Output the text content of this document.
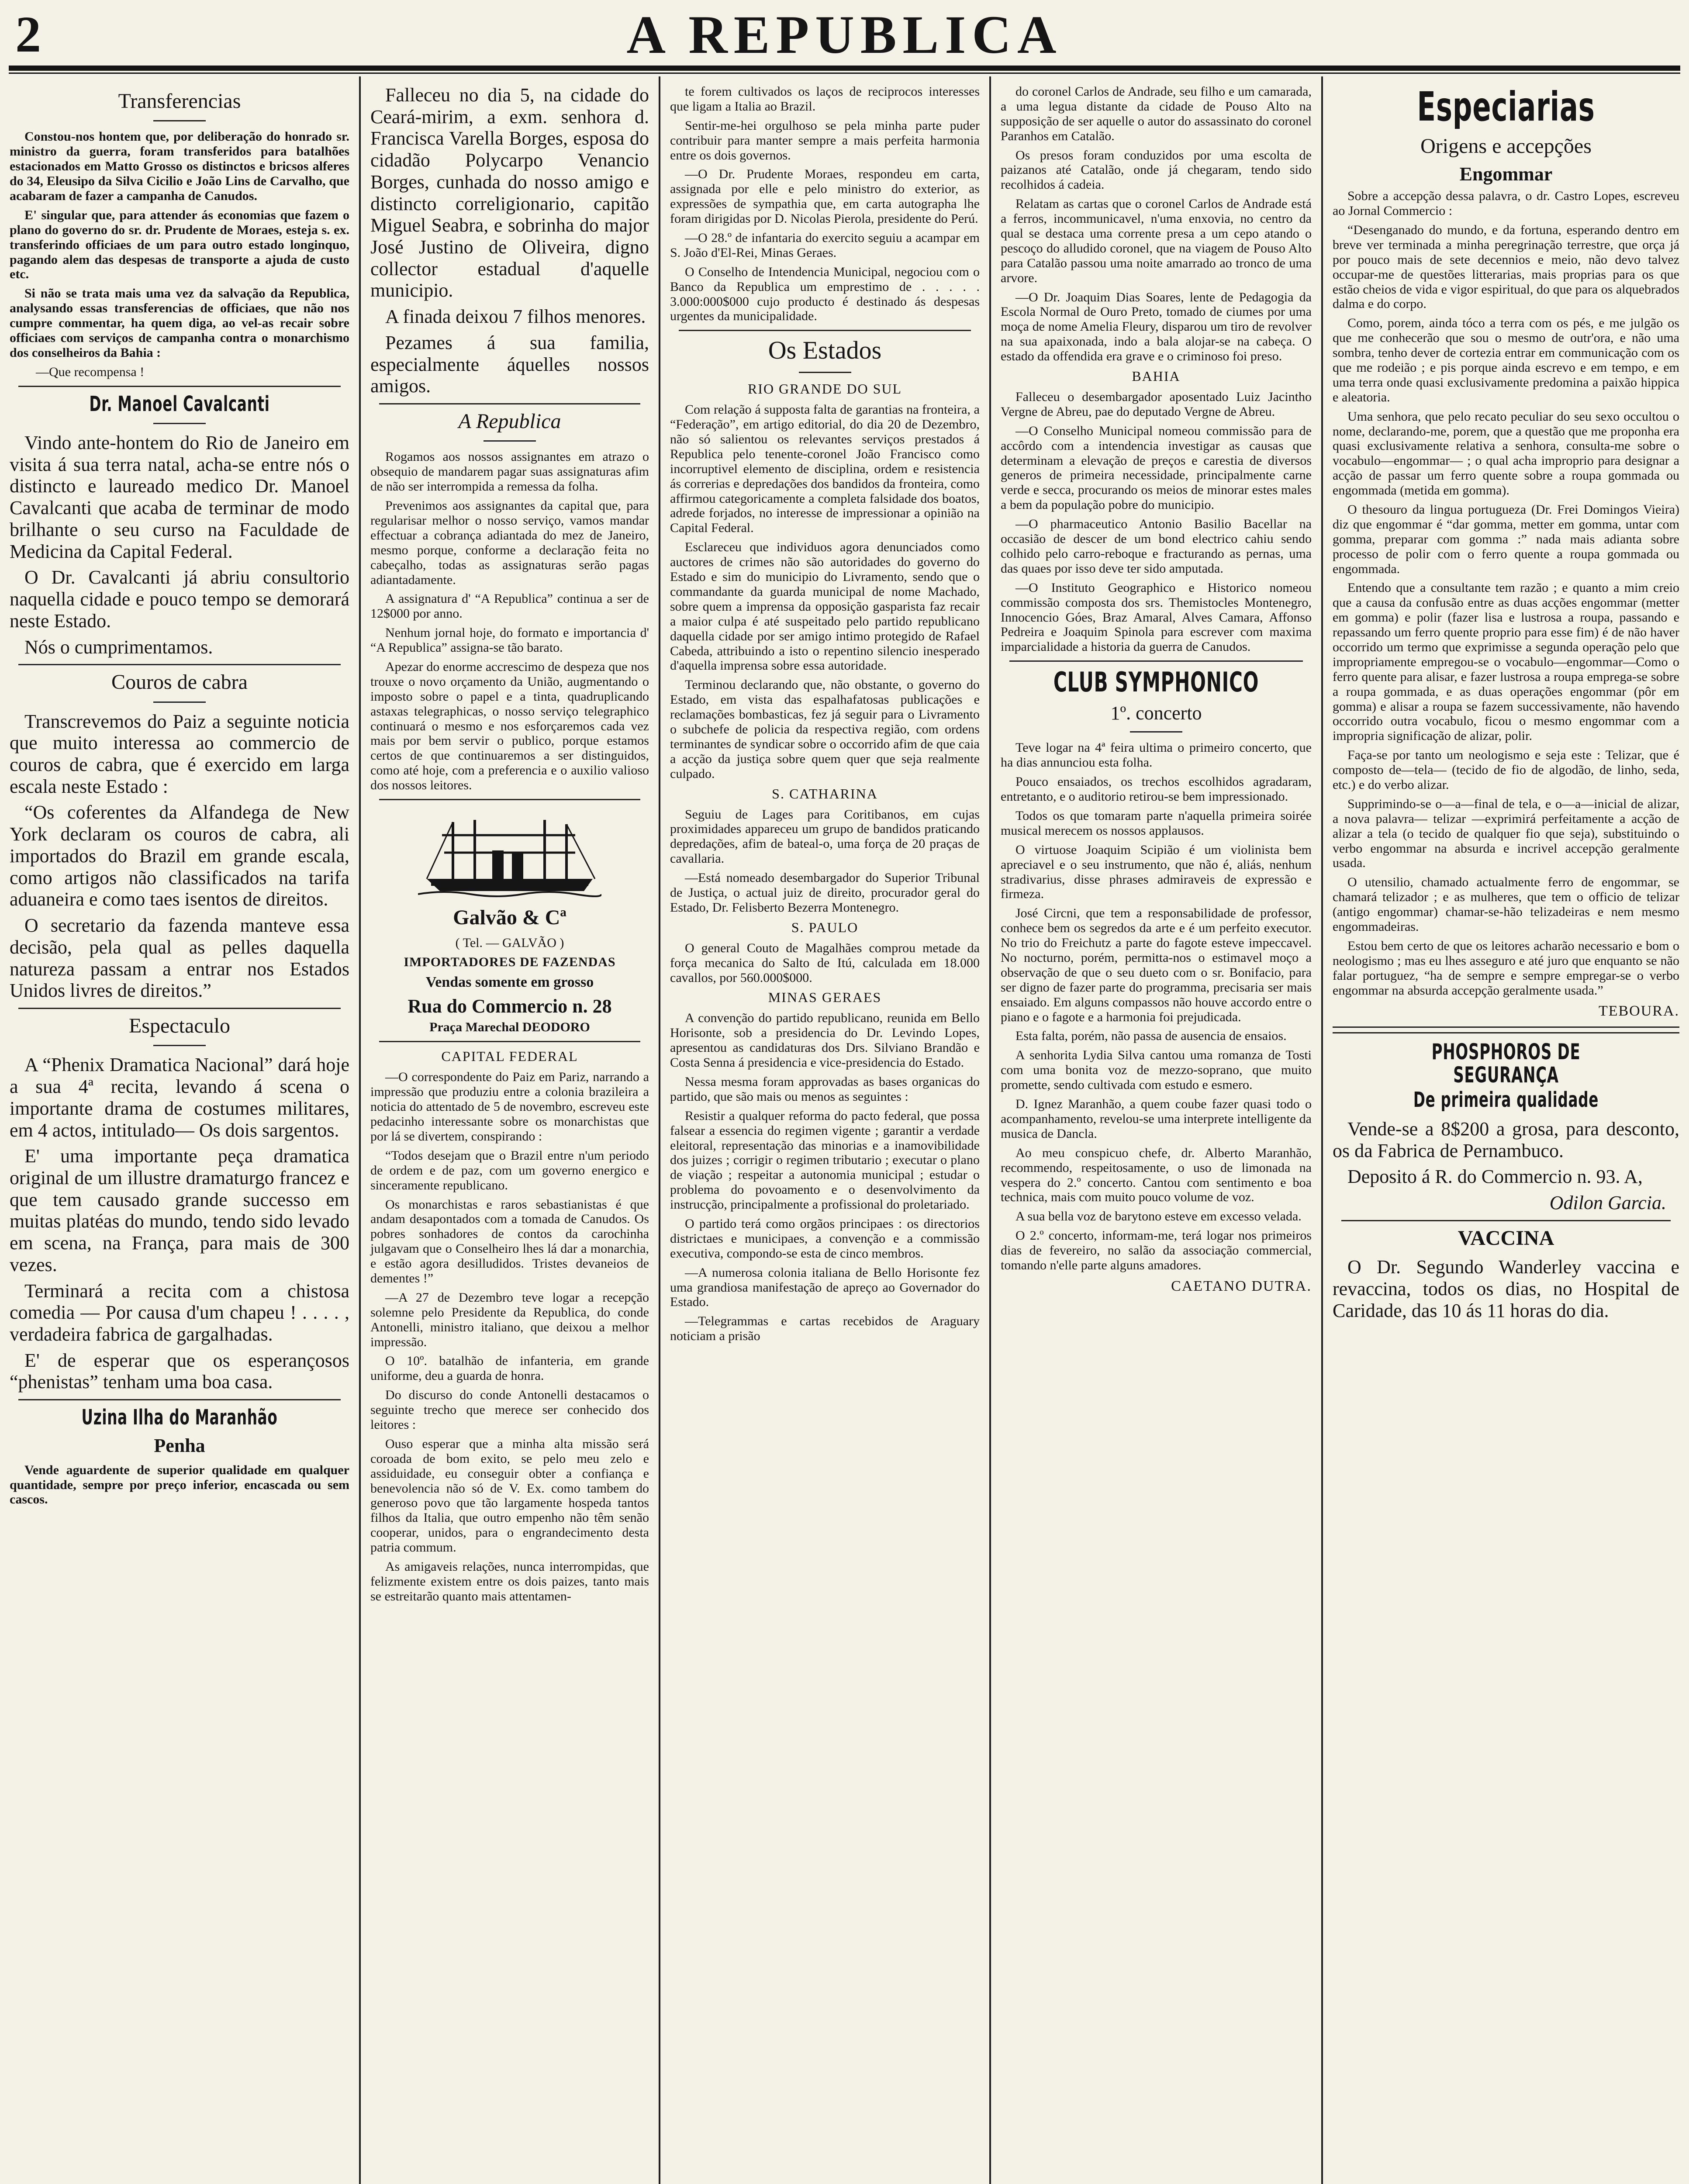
2	A REPUBLICA
Transferencias

Constou-nos hontem que, por deliberação do honrado sr. ministro da guerra, foram transferidos para batalhões estacionados em Matto Grosso os distinctos e bricsos alferes do 34, Eleusipo da Silva Cicilio e João Lins de Carvalho, que acabaram de fazer a campanha de Canudos.

E' singular que, para attender ás economias que fazem o plano do governo do sr. dr. Prudente de Moraes, esteja s. ex. transferindo officiaes de um para outro estado longinquo, pagando alem das despesas de transporte a ajuda de custo etc.

Si não se trata mais uma vez da salvação da Republica, analysando essas transferencias de officiaes, que não nos cumpre commentar, ha quem diga, ao vel-as recair sobre officiaes com serviços de campanha contra o monarchismo dos conselheiros da Bahia :

—Que recompensa !

Dr. Manoel Cavalcanti

Vindo ante-hontem do Rio de Janeiro em visita á sua terra natal, acha-se entre nós o distincto e laureado medico Dr. Manoel Cavalcanti que acaba de terminar de modo brilhante o seu curso na Faculdade de Medicina da Capital Federal.

O Dr. Cavalcanti já abriu consultorio naquella cidade e pouco tempo se demorará neste Estado.

Nós o cumprimentamos.

Couros de cabra

Transcrevemos do Paiz a seguinte noticia que muito interessa ao commercio de couros de cabra, que é exercido em larga escala neste Estado :

“Os coferentes da Alfandega de New York declaram os couros de cabra, ali importados do Brazil em grande escala, como artigos não classificados na tarifa aduaneira e como taes isentos de direitos.

O secretario da fazenda manteve essa decisão, pela qual as pelles daquella natureza passam a entrar nos Estados Unidos livres de direitos.”

Espectaculo

A “Phenix Dramatica Nacional” dará hoje a sua 4ª recita, levando á scena o importante drama de costumes militares, em 4 actos, intitulado— Os dois sargentos.

E' uma importante peça dramatica original de um illustre dramaturgo francez e que tem causado grande successo em muitas platéas do mundo, tendo sido levado em scena, na França, para mais de 300 vezes.

Terminará a recita com a chistosa comedia — Por causa d'um chapeu ! . . . . , verdadeira fabrica de gargalhadas.

E' de esperar que os esperançosos “phenistas” tenham uma boa casa.

Uzina Ilha do Maranhão
Penha

Vende aguardente de superior qualidade em qualquer quantidade, sempre por preço inferior, encascada ou sem cascos.

Falleceu no dia 5, na cidade do Ceará-mirim, a exm. senhora d. Francisca Varella Borges, esposa do cidadão Polycarpo Venancio Borges, cunhada do nosso amigo e distincto correligionario, capitão Miguel Seabra, e sobrinha do major José Justino de Oliveira, digno collector estadual d'aquelle municipio.

A finada deixou 7 filhos menores.

Pezames á sua familia, especialmente áquelles nossos amigos.

A Republica

Rogamos aos nossos assignantes em atrazo o obsequio de mandarem pagar suas assignaturas afim de não ser interrompida a remessa da folha.

Prevenimos aos assignantes da capital que, para regularisar melhor o nosso serviço, vamos mandar effectuar a cobrança adiantada do mez de Janeiro, mesmo porque, conforme a declaração feita no cabeçalho, todas as assignaturas serão pagas adiantadamente.

A assignatura d' “A Republica” continua a ser de 12$000 por anno.

Nenhum jornal hoje, do formato e importancia d' “A Republica” assigna-se tão barato.

Apezar do enorme accrescimo de despeza que nos trouxe o novo orçamento da União, augmentando o imposto sobre o papel e a tinta, quadruplicando astaxas telegraphicas, o nosso serviço telegraphico continuará o mesmo e nos esforçaremos cada vez mais por bem servir o publico, porque estamos certos de que continuaremos a ser distinguidos, como até hoje, com a preferencia e o auxilio valioso dos nossos leitores.

Galvão & Cª
( Tel. — GALVÃO )
IMPORTADORES DE FAZENDAS
Vendas somente em grosso
Rua do Commercio n. 28
Praça Marechal DEODORO
CAPITAL FEDERAL

—O correspondente do Paiz em Pariz, narrando a impressão que produziu entre a colonia brazileira a noticia do attentado de 5 de novembro, escreveu este pedacinho interessante sobre os monarchistas que por lá se divertem, conspirando :

“Todos desejam que o Brazil entre n'um periodo de ordem e de paz, com um governo energico e sinceramente republicano.

Os monarchistas e raros sebastianistas é que andam desapontados com a tomada de Canudos. Os pobres sonhadores de contos da carochinha julgavam que o Conselheiro lhes lá dar a monarchia, e estão agora desilludidos. Tristes devaneios de dementes !”

—A 27 de Dezembro teve logar a recepção solemne pelo Presidente da Republica, do conde Antonelli, ministro italiano, que deixou a melhor impressão.

O 10º. batalhão de infanteria, em grande uniforme, deu a guarda de honra.

Do discurso do conde Antonelli destacamos o seguinte trecho que merece ser conhecido dos leitores :

Ouso esperar que a minha alta missão será coroada de bom exito, se pelo meu zelo e assiduidade, eu conseguir obter a confiança e benevolencia não só de V. Ex. como tambem do generoso povo que tão largamente hospeda tantos filhos da Italia, que outro empenho não têm senão cooperar, unidos, para o engrandecimento desta patria commum.

As amigaveis relações, nunca interrompidas, que felizmente existem entre os dois paizes, tanto mais se estreitarão quanto mais attentamen-

te forem cultivados os laços de reciprocos interesses que ligam a Italia ao Brazil.

Sentir-me-hei orgulhoso se pela minha parte puder contribuir para manter sempre a mais perfeita harmonia entre os dois governos.

—O Dr. Prudente Moraes, respondeu em carta, assignada por elle e pelo ministro do exterior, as expressões de sympathia que, em carta autographa lhe foram dirigidas por D. Nicolas Pierola, presidente do Perú.

—O 28.º de infantaria do exercito seguiu a acampar em S. João d'El-Rei, Minas Geraes.

O Conselho de Intendencia Municipal, negociou com o Banco da Republica um emprestimo de . . . . . 3.000:000$000 cujo producto é destinado ás despesas urgentes da municipalidade.

Os Estados
RIO GRANDE DO SUL

Com relação á supposta falta de garantias na fronteira, a “Federação”, em artigo editorial, do dia 20 de Dezembro, não só salientou os relevantes serviços prestados á Republica pelo tenente-coronel João Francisco como incorruptivel elemento de disciplina, ordem e resistencia ás correrias e depredações dos bandidos da fronteira, como affirmou categoricamente a completa falsidade dos boatos, adrede forjados, no interesse de impressionar a opinião na Capital Federal.

Esclareceu que individuos agora denunciados como auctores de crimes não são autoridades do governo do Estado e sim do municipio do Livramento, sendo que o commandante da guarda municipal de nome Machado, sobre quem a imprensa da opposição gasparista faz recair a maior culpa é até suspeitado pelo partido republicano daquella cidade por ser amigo intimo protegido de Rafael Cabeda, attribuindo a isto o repentino silencio inesperado d'aquella imprensa sobre essa autoridade.

Terminou declarando que, não obstante, o governo do Estado, em vista das espalhafatosas publicações e reclamações bombasticas, fez já seguir para o Livramento o subchefe de policia da respectiva região, com ordens terminantes de syndicar sobre o occorrido afim de que caia a acção da justiça sobre quem quer que seja realmente culpado.

S. CATHARINA

Seguiu de Lages para Coritibanos, em cujas proximidades appareceu um grupo de bandidos praticando depredações, afim de bateal-o, uma força de 20 praças de cavallaria.

—Está nomeado desembargador do Superior Tribunal de Justiça, o actual juiz de direito, procurador geral do Estado, Dr. Felisberto Bezerra Montenegro.

S. PAULO

O general Couto de Magalhães comprou metade da força mecanica do Salto de Itú, calculada em 18.000 cavallos, por 560.000$000.

MINAS GERAES

A convenção do partido republicano, reunida em Bello Horisonte, sob a presidencia do Dr. Levindo Lopes, apresentou as candidaturas dos Drs. Silviano Brandão e Costa Senna á presidencia e vice-presidencia do Estado.

Nessa mesma foram approvadas as bases organicas do partido, que são mais ou menos as seguintes :

Resistir a qualquer reforma do pacto federal, que possa falsear a essencia do regimen vigente ; garantir a verdade eleitoral, representação das minorias e a inamovibilidade dos juizes ; corrigir o regimen tributario ; executar o plano de viação ; respeitar a autonomia municipal ; estudar o problema do povoamento e o desenvolvimento da instrucção, principalmente a profissional do proletariado.

O partido terá como orgãos principaes : os directorios districtaes e municipaes, a convenção e a commissão executiva, compondo-se esta de cinco membros.

—A numerosa colonia italiana de Bello Horisonte fez uma grandiosa manifestação de apreço ao Governador do Estado.

—Telegrammas e cartas recebidos de Araguary noticiam a prisão

do coronel Carlos de Andrade, seu filho e um camarada, a uma legua distante da cidade de Pouso Alto na supposição de ser aquelle o autor do assassinato do coronel Paranhos em Catalão.

Os presos foram conduzidos por uma escolta de paizanos até Catalão, onde já chegaram, tendo sido recolhidos á cadeia.

Relatam as cartas que o coronel Carlos de Andrade está a ferros, incommunicavel, n'uma enxovia, no centro da qual se destaca uma corrente presa a um cepo atando o pescoço do alludido coronel, que na viagem de Pouso Alto para Catalão passou uma noite amarrado ao tronco de uma arvore.

—O Dr. Joaquim Dias Soares, lente de Pedagogia da Escola Normal de Ouro Preto, tomado de ciumes por uma moça de nome Amelia Fleury, disparou um tiro de revolver na sua apaixonada, indo a bala alojar-se na cabeça. O estado da offendida era grave e o criminoso foi preso.

BAHIA

Falleceu o desembargador aposentado Luiz Jacintho Vergne de Abreu, pae do deputado Vergne de Abreu.

—O Conselho Municipal nomeou commissão para de accôrdo com a intendencia investigar as causas que determinam a elevação de preços e carestia de diversos generos de primeira necessidade, principalmente carne verde e secca, procurando os meios de minorar estes males a bem da população pobre do municipio.

—O pharmaceutico Antonio Basilio Bacellar na occasião de descer de um bond electrico cahiu sendo colhido pelo carro-reboque e fracturando as pernas, uma das quaes por isso deve ter sido amputada.

—O Instituto Geographico e Historico nomeou commissão composta dos srs. Themistocles Montenegro, Innocencio Góes, Braz Amaral, Alves Camara, Affonso Pedreira e Joaquim Spinola para escrever com maxima imparcialidade a historia da guerra de Canudos.

CLUB SYMPHONICO
1º. concerto

Teve logar na 4ª feira ultima o primeiro concerto, que ha dias annunciou esta folha.

Pouco ensaiados, os trechos escolhidos agradaram, entretanto, e o auditorio retirou-se bem impressionado.

Todos os que tomaram parte n'aquella primeira soirée musical merecem os nossos applausos.

O virtuose Joaquim Scipião é um violinista bem apreciavel e o seu instrumento, que não é, aliás, nenhum stradivarius, disse phrases admiraveis de expressão e firmeza.

José Circni, que tem a responsabilidade de professor, conhece bem os segredos da arte e é um perfeito executor. No trio do Freichutz a parte do fagote esteve impeccavel. No nocturno, porém, permitta-nos o estimavel moço a observação de que o seu dueto com o sr. Bonifacio, para ser digno de fazer parte do programma, precisaria ser mais ensaiado. Em alguns compassos não houve accordo entre o piano e o fagote e a harmonia foi prejudicada.

Esta falta, porém, não passa de ausencia de ensaios.

A senhorita Lydia Silva cantou uma romanza de Tosti com uma bonita voz de mezzo-soprano, que muito promette, sendo cultivada com estudo e esmero.

D. Ignez Maranhão, a quem coube fazer quasi todo o acompanhamento, revelou-se uma interprete intelligente da musica de Dancla.

Ao meu conspicuo chefe, dr. Alberto Maranhão, recommendo, respeitosamente, o uso de limonada na vespera do 2.º concerto. Cantou com sentimento e boa technica, mais com muito pouco volume de voz.

A sua bella voz de barytono esteve em excesso velada.

O 2.º concerto, informam-me, terá logar nos primeiros dias de fevereiro, no salão da associação commercial, tomando n'elle parte alguns amadores.

CAETANO DUTRA.
Especiarias
Origens e accepções
Engommar

Sobre a accepção dessa palavra, o dr. Castro Lopes, escreveu ao Jornal Commercio :

“Desenganado do mundo, e da fortuna, esperando dentro em breve ver terminada a minha peregrinação terrestre, que orça já por pouco mais de sete decennios e meio, não devo talvez occupar-me de questões litterarias, mais proprias para os que estão cheios de vida e vigor espiritual, do que para os alquebrados dalma e do corpo.

Como, porem, ainda tóco a terra com os pés, e me julgão os que me conhecerão que sou o mesmo de outr'ora, e não uma sombra, tenho dever de cortezia entrar em communicação com os que me rodeião ; e pis porque ainda escrevo e em tempo, e em uma terra onde quasi exclusivamente predomina a paixão hippica e aleatoria.

Uma senhora, que pelo recato peculiar do seu sexo occultou o nome, declarando-me, porem, que a questão que me proponha era quasi exclusivamente relativa a senhora, consulta-me sobre o vocabulo—engommar— ; o qual acha improprio para designar a acção de passar um ferro quente sobre a roupa gommada ou engommada (metida em gomma).

O thesouro da lingua portugueza (Dr. Frei Domingos Vieira) diz que engommar é “dar gomma, metter em gomma, untar com gomma, preparar com gomma :” nada mais adianta sobre processo de polir com o ferro quente a roupa gommada ou engommada.

Entendo que a consultante tem razão ; e quanto a mim creio que a causa da confusão entre as duas acções engommar (metter em gomma) e polir (fazer lisa e lustrosa a roupa, passando e repassando um ferro quente proprio para esse fim) é de não haver occorrido um termo que exprimisse a segunda operação pelo que impropriamente empregou-se o vocabulo—engommar—Como o ferro quente para alisar, e fazer lustrosa a roupa emprega-se sobre a roupa gommada, e as duas operações engommar (pôr em gomma) e alisar a roupa se fazem successivamente, não havendo occorrido outra vocabulo, ficou o mesmo engommar com a impropria significação de alizar, polir.

Faça-se por tanto um neologismo e seja este : Telizar, que é composto de—tela— (tecido de fio de algodão, de linho, seda, etc.) e do verbo alizar.

Supprimindo-se o—a—final de tela, e o—a—inicial de alizar, a nova palavra— telizar —exprimirá perfeitamente a acção de alizar a tela (o tecido de qualquer fio que seja), substituindo o verbo engommar na absurda e incrivel accepção geralmente usada.

O utensilio, chamado actualmente ferro de engommar, se chamará telizador ; e as mulheres, que tem o officio de telizar (antigo engommar) chamar-se-hão telizadeiras e nem mesmo engommadeiras.

Estou bem certo de que os leitores acharão necessario e bom o neologismo ; mas eu lhes asseguro e até juro que enquanto se não falar portuguez, “ha de sempre e sempre empregar-se o verbo engommar na absurda accepção geralmente usada.”

TEBOURA.
PHOSPHOROS DE SEGURANÇA
De primeira qualidade

Vende-se a 8$200 a grosa, para desconto, os da Fabrica de Pernambuco.

Deposito á R. do Commercio n. 93. A,

Odilon Garcia.

VACCINA

O Dr. Segundo Wanderley vaccina e revaccina, todos os dias, no Hospital de Caridade, das 10 ás 11 horas do dia.
